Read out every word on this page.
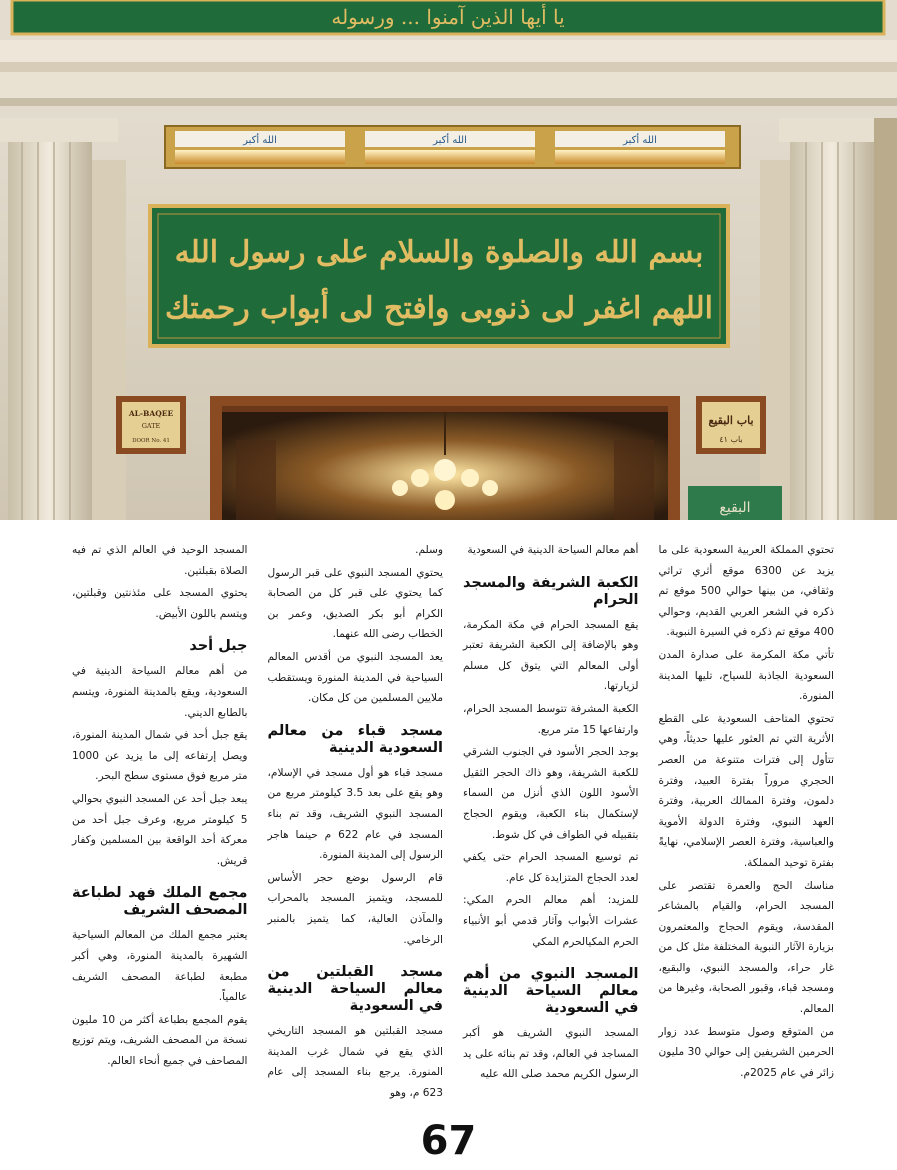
يا أيها الذين آمنوا ... ورسوله
الله أكبر	الله أكبر	الله أكبر
بسم الله والصلوة والسلام على رسول الله
اللهم اغفر لى ذنوبى وافتح لى أبواب رحمتك
AL-BAQEE
GATE
DOOR No. 41
باب البقيع
باب ٤١
البقيع

تحتوي المملكة العربية السعودية على ما يزيد عن 6300 موقع أثري تراثي وثقافي، من بينها حوالي 500 موقع تم ذكره في الشعر العربي القديم، وحوالي 400 موقع تم ذكره في السيرة النبوية.

تأتي مكة المكرمة على صدارة المدن السعودية الجاذبة للسياح، تليها المدينة المنورة.

تحتوي المتاحف السعودية على القطع الأثرية التي تم العثور عليها حديثاً، وهي تتأول إلى فترات متنوعة من العصر الحجري مروراً بفترة العبيد، وفترة دلمون، وفترة الممالك العربية، وفترة العهد النبوي، وفترة الدولة الأموية والعباسية، وفترة العصر الإسلامي، نهايةً بفترة توحيد المملكة.

مناسك الحج والعمرة تقتصر على المسجد الحرام، والقيام بالمشاعر المقدسة، ويقوم الحجاج والمعتمرون بزيارة الآثار النبوية المختلفة مثل كل من غار حراء، والمسجد النبوي، والبقيع، ومسجد قباء، وقبور الصحابة، وغيرها من المعالم.

من المتوقع وصول متوسط عدد زوار الحرمين الشريفين إلى حوالي 30 مليون زائر في عام 2025م.

أهم معالم السياحة الدينية في السعودية

الكعبة الشريفة والمسجد الحرام

يقع المسجد الحرام في مكة المكرمة، وهو بالإضافة إلى الكعبة الشريفة تعتبر أولى المعالم التي يتوق كل مسلم لزيارتها.

الكعبة المشرفة تتوسط المسجد الحرام، وارتفاعها 15 متر مربع.

يوجد الحجر الأسود في الجنوب الشرقي للكعبة الشريفة، وهو ذاك الحجر الثقيل الأسود اللون الذي أنزل من السماء لإستكمال بناء الكعبة، ويقوم الحجاج بتقبيله في الطواف في كل شوط.

تم توسيع المسجد الحرام حتى يكفي لعدد الحجاج المتزايدة كل عام.

للمزيد: أهم معالم الحرم المكي: عشرات الأبواب وآثار قدمي أبو الأنبياء الحرم المكيالحرم المكي

المسجد النبوي من أهم معالم السياحة الدينية في السعودية

المسجد النبوي الشريف هو أكبر المساجد في العالم، وقد تم بنائه على يد الرسول الكريم محمد صلى الله عليه

وسلم.

يحتوي المسجد النبوي على قبر الرسول كما يحتوي على قبر كل من الصحابة الكرام أبو بكر الصديق، وعمر بن الخطاب رضى الله عنهما.

يعد المسجد النبوي من أقدس المعالم السياحية في المدينة المنورة ويستقطب ملايين المسلمين من كل مكان.

مسجد قباء من معالم السعودية الدينية

مسجد قباء هو أول مسجد في الإسلام، وهو يقع على بعد 3.5 كيلومتر مربع من المسجد النبوي الشريف، وقد تم بناء المسجد في عام 622 م حينما هاجر الرسول إلى المدينة المنورة.

قام الرسول بوضع حجر الأساس للمسجد، ويتميز المسجد بالمحراب والمآذن العالية، كما يتميز بالمنبر الرخامي.

مسجد القبلتين من معالم السياحة الدينية في السعودية

مسجد القبلتين هو المسجد التاريخي الذي يقع في شمال غرب المدينة المنورة. يرجع بناء المسجد إلى عام 623 م، وهو

المسجد الوحيد في العالم الذي تم فيه الصلاة بقبلتين.

يحتوي المسجد على مئذنتين وقبلتين، ويتسم باللون الأبيض.

جبل أحد

من أهم معالم السياحة الدينية في السعودية، ويقع بالمدينة المنورة، ويتسم بالطابع الديني.

يقع جبل أحد في شمال المدينة المنورة، ويصل إرتفاعه إلى ما يزيد عن 1000 متر مربع فوق مستوى سطح البحر.

يبعد جبل أحد عن المسجد النبوي بحوالي 5 كيلومتر مربع، وعرف جبل أحد من معركة أحد الواقعة بين المسلمين وكفار قريش.

مجمع الملك فهد لطباعة المصحف الشريف

يعتبر مجمع الملك من المعالم السياحية الشهيرة بالمدينة المنورة، وهي أكبر مطبعة لطباعة المصحف الشريف عالمياً.

يقوم المجمع بطباعة أكثر من 10 مليون نسخة من المصحف الشريف، ويتم توزيع المصاحف في جميع أنحاء العالم.

67
